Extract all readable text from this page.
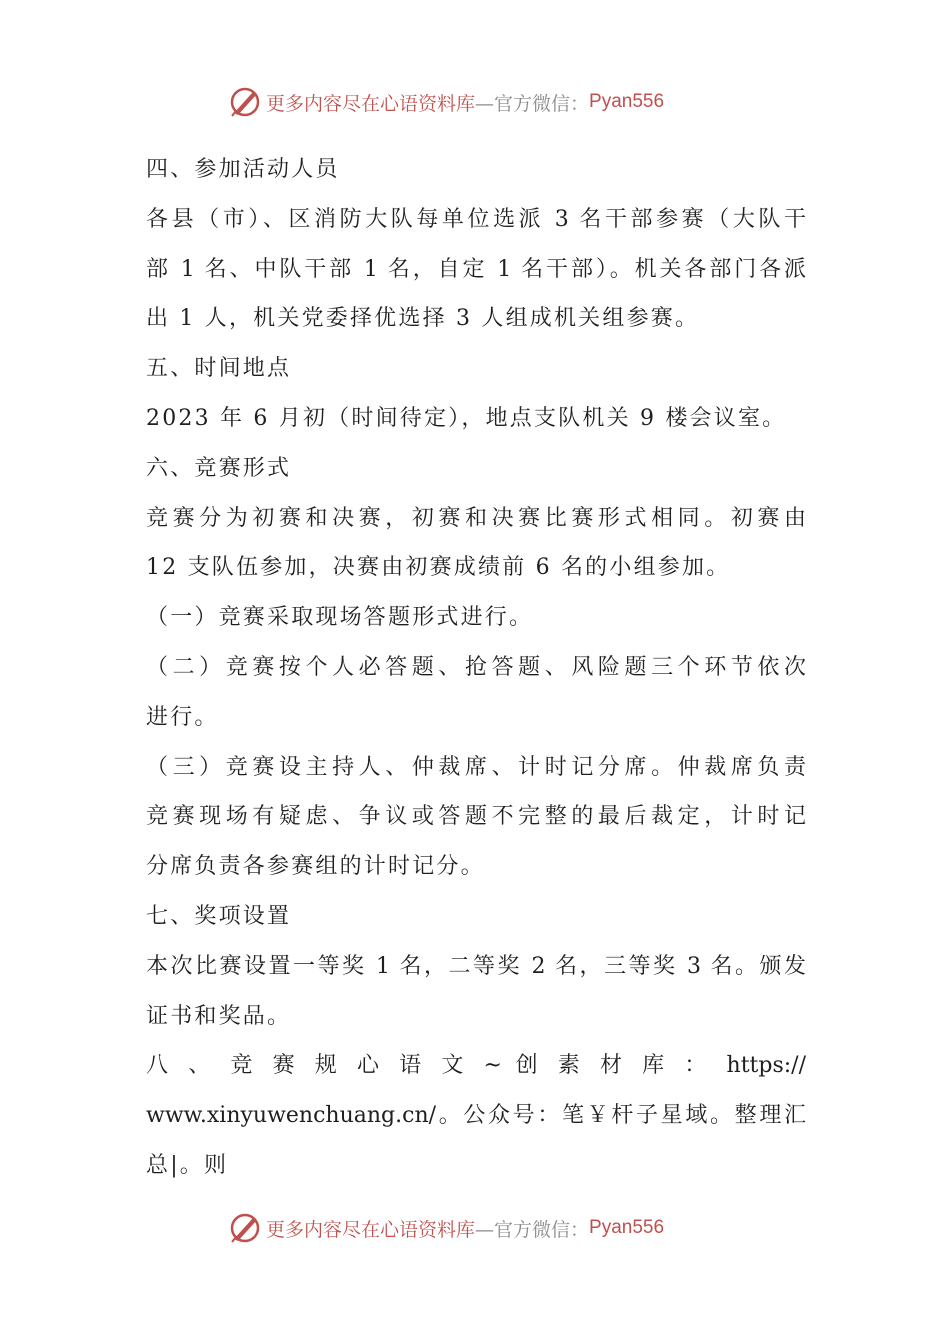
更多内容尽在心语资料库 —官方微信： Pyan556
四、参加活动人员
各县（市）、区消防大队每单位选派 3 名干部参赛（大队干
部 1 名、中队干部 1 名，自定 1 名干部）。机关各部门各派
出 1 人，机关党委择优选择 3 人组成机关组参赛。
五、时间地点
2023 年 6 月初（时间待定），地点支队机关 9 楼会议室。
六、竞赛形式
竞赛分为初赛和决赛，初赛和决赛比赛形式相同。初赛由
12 支队伍参加，决赛由初赛成绩前 6 名的小组参加。
（一）竞赛采取现场答题形式进行。
（二）竞赛按个人必答题、抢答题、风险题三个环节依次
进行。
（三）竞赛设主持人、仲裁席、计时记分席。仲裁席负责
竞赛现场有疑虑、争议或答题不完整的最后裁定，计时记
分席负责各参赛组的计时记分。
七、奖项设置
本次比赛设置一等奖 1 名，二等奖 2 名，三等奖 3 名。颁发
证书和奖品。
八 、 竞 赛 规 心 语 文 ~ 创 素 材 库 ： https://
www.xinyuwenchuang.cn/。公众号：笔￥杆子星域。整理汇
总|。则
更多内容尽在心语资料库 —官方微信： Pyan556
